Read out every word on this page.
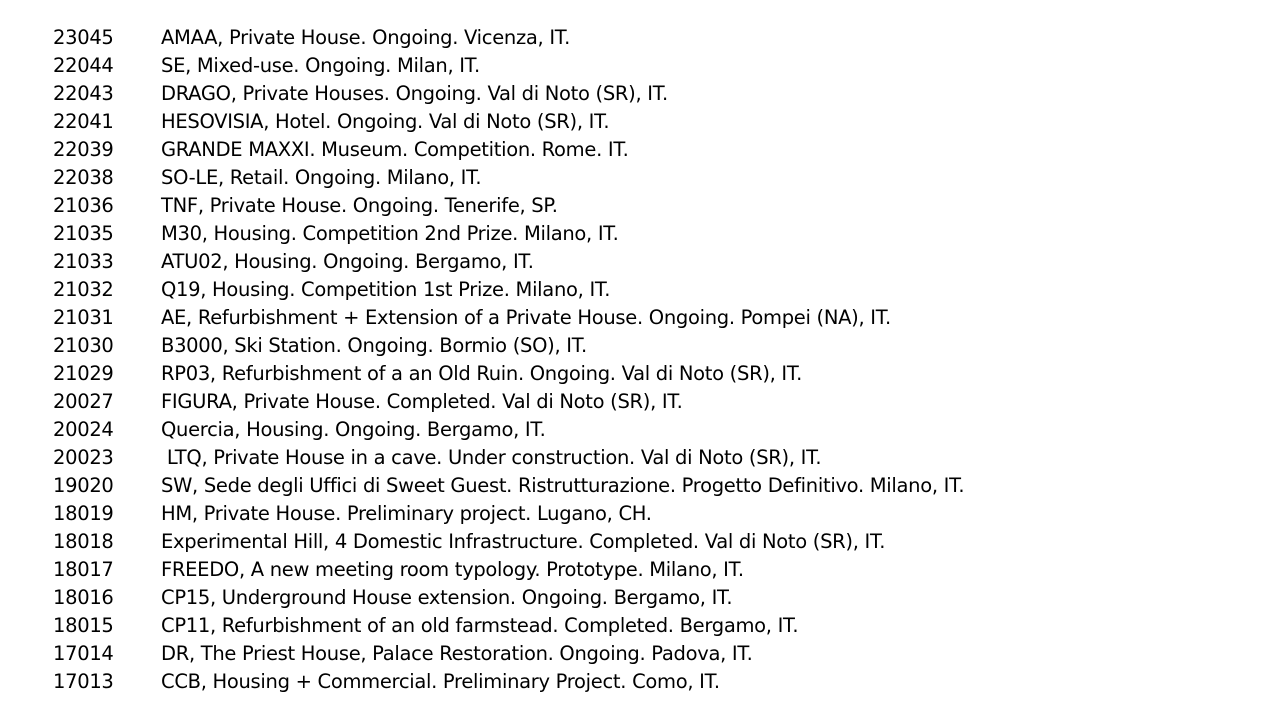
23045	AMAA, Private House. Ongoing. Vicenza, IT.
22044	SE, Mixed-use. Ongoing. Milan, IT.
22043	DRAGO, Private Houses. Ongoing. Val di Noto (SR), IT.
22041	HESOVISIA, Hotel. Ongoing. Val di Noto (SR), IT.
22039	GRANDE MAXXI. Museum. Competition. Rome. IT.
22038	SO-LE, Retail. Ongoing. Milano, IT.
21036	TNF, Private House. Ongoing. Tenerife, SP.
21035	M30, Housing. Competition 2nd Prize. Milano, IT.
21033	ATU02, Housing. Ongoing. Bergamo, IT.
21032	Q19, Housing. Competition 1st Prize. Milano, IT.
21031	AE, Refurbishment + Extension of a Private House. Ongoing. Pompei (NA), IT.
21030	B3000, Ski Station. Ongoing. Bormio (SO), IT.
21029	RP03, Refurbishment of a an Old Ruin. Ongoing. Val di Noto (SR), IT.
20027	FIGURA, Private House. Completed. Val di Noto (SR), IT.
20024	Quercia, Housing. Ongoing. Bergamo, IT.
20023	LTQ, Private House in a cave. Under construction. Val di Noto (SR), IT.
19020	SW, Sede degli Uffici di Sweet Guest. Ristrutturazione. Progetto Definitivo. Milano, IT.
18019	HM, Private House. Preliminary project. Lugano, CH.
18018	Experimental Hill, 4 Domestic Infrastructure. Completed. Val di Noto (SR), IT.
18017	FREEDO, A new meeting room typology. Prototype. Milano, IT.
18016	CP15, Underground House extension. Ongoing. Bergamo, IT.
18015	CP11, Refurbishment of an old farmstead. Completed. Bergamo, IT.
17014	DR, The Priest House, Palace Restoration. Ongoing. Padova, IT.
17013	CCB, Housing + Commercial. Preliminary Project. Como, IT.
